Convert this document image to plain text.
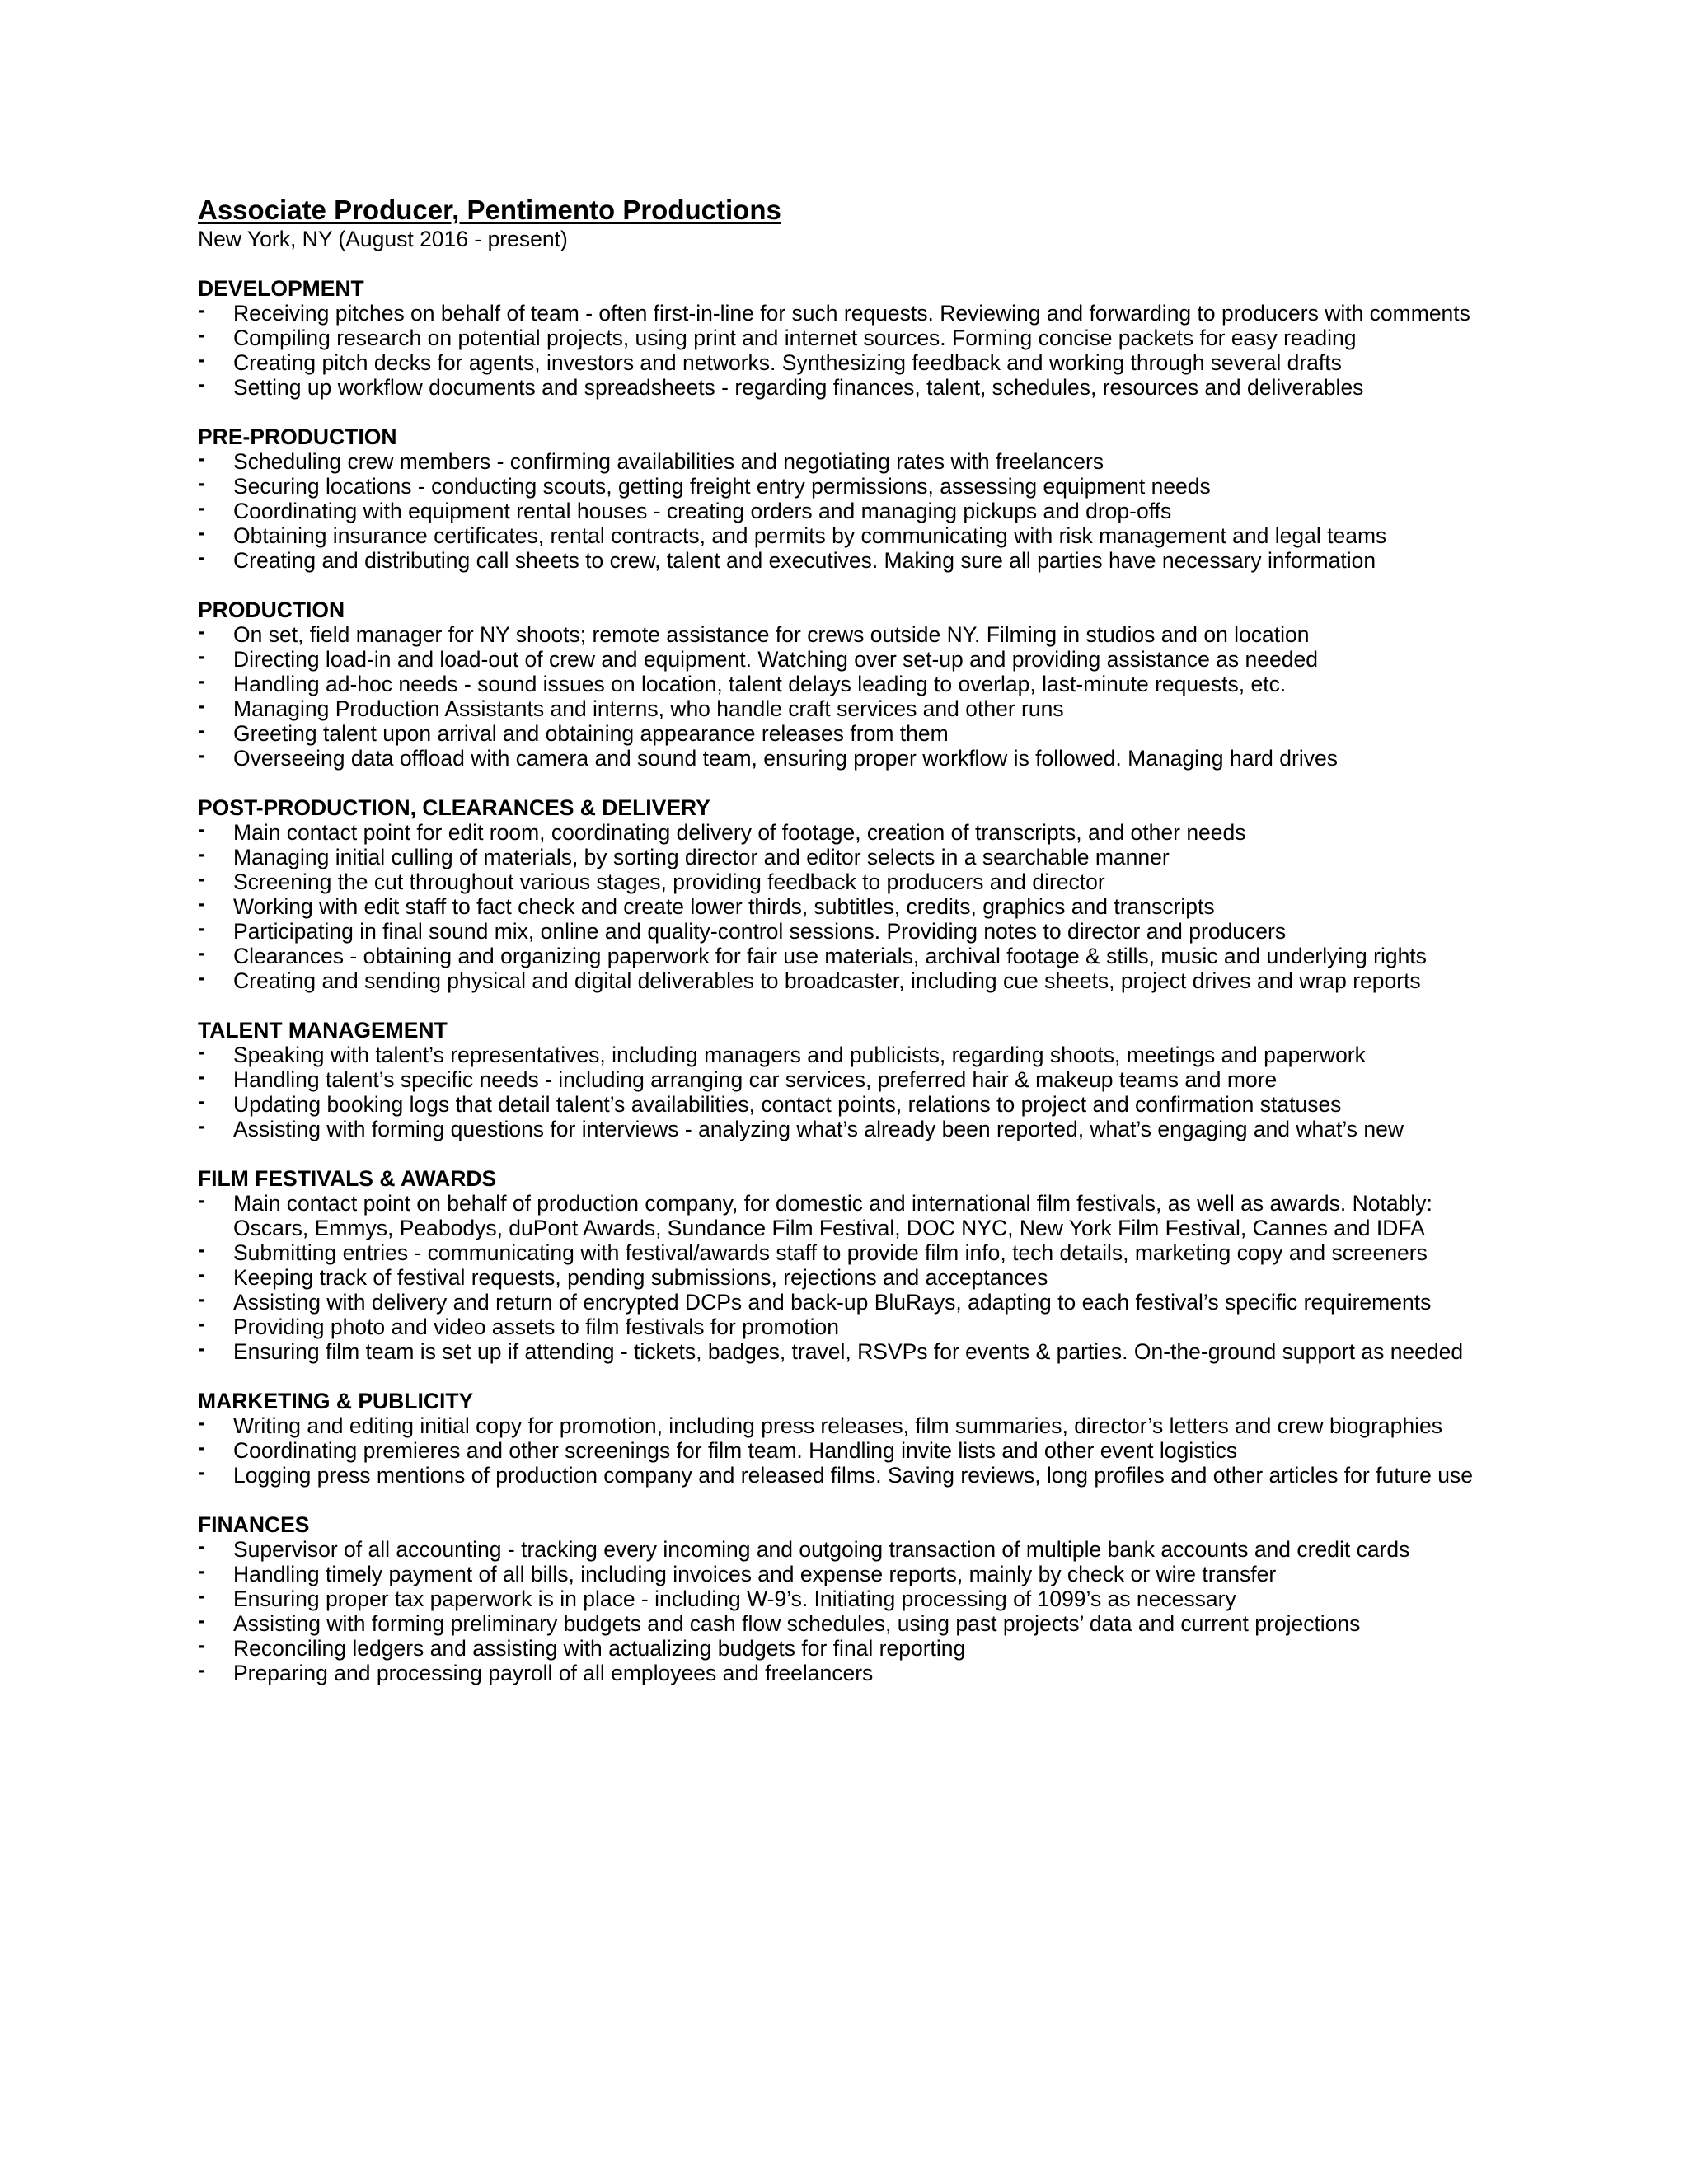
Associate Producer, Pentimento Productions
New York, NY (August 2016 - present)
DEVELOPMENT
- Receiving pitches on behalf of team - often first-in-line for such requests. Reviewing and forwarding to producers with comments
- Compiling research on potential projects, using print and internet sources. Forming concise packets for easy reading
- Creating pitch decks for agents, investors and networks. Synthesizing feedback and working through several drafts
- Setting up workflow documents and spreadsheets - regarding finances, talent, schedules, resources and deliverables
PRE-PRODUCTION
- Scheduling crew members - confirming availabilities and negotiating rates with freelancers
- Securing locations - conducting scouts, getting freight entry permissions, assessing equipment needs
- Coordinating with equipment rental houses - creating orders and managing pickups and drop-offs
- Obtaining insurance certificates, rental contracts, and permits by communicating with risk management and legal teams
- Creating and distributing call sheets to crew, talent and executives. Making sure all parties have necessary information
PRODUCTION
- On set, field manager for NY shoots; remote assistance for crews outside NY. Filming in studios and on location
- Directing load-in and load-out of crew and equipment. Watching over set-up and providing assistance as needed
- Handling ad-hoc needs - sound issues on location, talent delays leading to overlap, last-minute requests, etc.
- Managing Production Assistants and interns, who handle craft services and other runs
- Greeting talent upon arrival and obtaining appearance releases from them
- Overseeing data offload with camera and sound team, ensuring proper workflow is followed. Managing hard drives
POST-PRODUCTION, CLEARANCES & DELIVERY
- Main contact point for edit room, coordinating delivery of footage, creation of transcripts, and other needs
- Managing initial culling of materials, by sorting director and editor selects in a searchable manner
- Screening the cut throughout various stages, providing feedback to producers and director
- Working with edit staff to fact check and create lower thirds, subtitles, credits, graphics and transcripts
- Participating in final sound mix, online and quality-control sessions. Providing notes to director and producers
- Clearances - obtaining and organizing paperwork for fair use materials, archival footage & stills, music and underlying rights
- Creating and sending physical and digital deliverables to broadcaster, including cue sheets, project drives and wrap reports
TALENT MANAGEMENT
- Speaking with talent’s representatives, including managers and publicists, regarding shoots, meetings and paperwork
- Handling talent’s specific needs - including arranging car services, preferred hair & makeup teams and more
- Updating booking logs that detail talent’s availabilities, contact points, relations to project and confirmation statuses
- Assisting with forming questions for interviews - analyzing what’s already been reported, what’s engaging and what’s new
FILM FESTIVALS & AWARDS
- Main contact point on behalf of production company, for domestic and international film festivals, as well as awards. Notably:
Oscars, Emmys, Peabodys, duPont Awards, Sundance Film Festival, DOC NYC, New York Film Festival, Cannes and IDFA
- Submitting entries - communicating with festival/awards staff to provide film info, tech details, marketing copy and screeners
- Keeping track of festival requests, pending submissions, rejections and acceptances
- Assisting with delivery and return of encrypted DCPs and back-up BluRays, adapting to each festival’s specific requirements
- Providing photo and video assets to film festivals for promotion
- Ensuring film team is set up if attending - tickets, badges, travel, RSVPs for events & parties. On-the-ground support as needed
MARKETING & PUBLICITY
- Writing and editing initial copy for promotion, including press releases, film summaries, director’s letters and crew biographies
- Coordinating premieres and other screenings for film team. Handling invite lists and other event logistics
- Logging press mentions of production company and released films. Saving reviews, long profiles and other articles for future use
FINANCES
- Supervisor of all accounting - tracking every incoming and outgoing transaction of multiple bank accounts and credit cards
- Handling timely payment of all bills, including invoices and expense reports, mainly by check or wire transfer
- Ensuring proper tax paperwork is in place - including W-9’s. Initiating processing of 1099’s as necessary
- Assisting with forming preliminary budgets and cash flow schedules, using past projects’ data and current projections
- Reconciling ledgers and assisting with actualizing budgets for final reporting
- Preparing and processing payroll of all employees and freelancers
